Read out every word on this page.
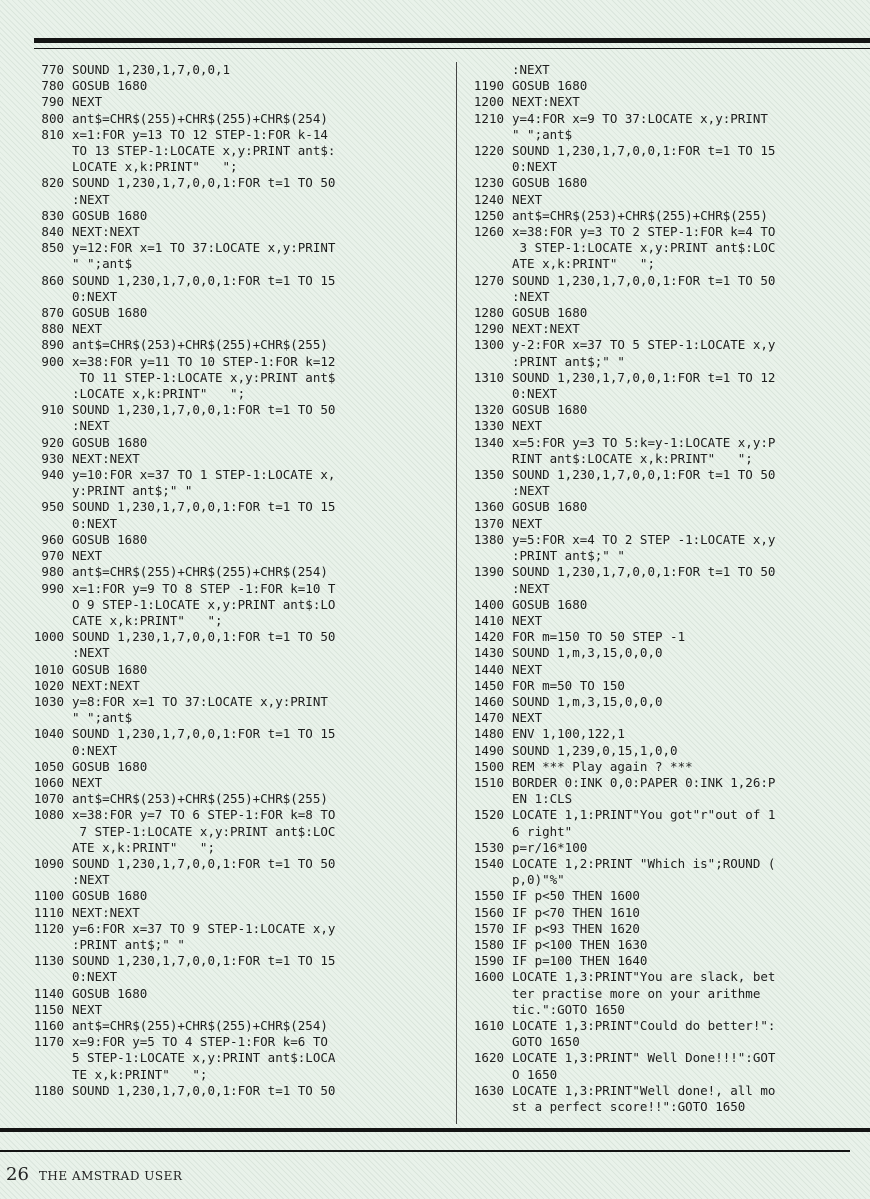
770 SOUND 1,230,1,7,0,0,1
780 GOSUB 1680
790 NEXT
800 ant$=CHR$(255)+CHR$(255)+CHR$(254)
810 x=1:FOR y=13 TO 12 STEP-1:FOR k-14
TO 13 STEP-1:LOCATE x,y:PRINT ant$:
LOCATE x,k:PRINT"   ";
820 SOUND 1,230,1,7,0,0,1:FOR t=1 TO 50
:NEXT
830 GOSUB 1680
840 NEXT:NEXT
850 y=12:FOR x=1 TO 37:LOCATE x,y:PRINT
" ";ant$
860 SOUND 1,230,1,7,0,0,1:FOR t=1 TO 15
0:NEXT
870 GOSUB 1680
880 NEXT
890 ant$=CHR$(253)+CHR$(255)+CHR$(255)
900 x=38:FOR y=11 TO 10 STEP-1:FOR k=12
TO 11 STEP-1:LOCATE x,y:PRINT ant$
:LOCATE x,k:PRINT"   ";
910 SOUND 1,230,1,7,0,0,1:FOR t=1 TO 50
:NEXT
920 GOSUB 1680
930 NEXT:NEXT
940 y=10:FOR x=37 TO 1 STEP-1:LOCATE x,
y:PRINT ant$;" "
950 SOUND 1,230,1,7,0,0,1:FOR t=1 TO 15
0:NEXT
960 GOSUB 1680
970 NEXT
980 ant$=CHR$(255)+CHR$(255)+CHR$(254)
990 x=1:FOR y=9 TO 8 STEP -1:FOR k=10 T
O 9 STEP-1:LOCATE x,y:PRINT ant$:LO
CATE x,k:PRINT"   ";
1000 SOUND 1,230,1,7,0,0,1:FOR t=1 TO 50
:NEXT
1010 GOSUB 1680
1020 NEXT:NEXT
1030 y=8:FOR x=1 TO 37:LOCATE x,y:PRINT
" ";ant$
1040 SOUND 1,230,1,7,0,0,1:FOR t=1 TO 15
0:NEXT
1050 GOSUB 1680
1060 NEXT
1070 ant$=CHR$(253)+CHR$(255)+CHR$(255)
1080 x=38:FOR y=7 TO 6 STEP-1:FOR k=8 TO
7 STEP-1:LOCATE x,y:PRINT ant$:LOC
ATE x,k:PRINT"   ";
1090 SOUND 1,230,1,7,0,0,1:FOR t=1 TO 50
:NEXT
1100 GOSUB 1680
1110 NEXT:NEXT
1120 y=6:FOR x=37 TO 9 STEP-1:LOCATE x,y
:PRINT ant$;" "
1130 SOUND 1,230,1,7,0,0,1:FOR t=1 TO 15
0:NEXT
1140 GOSUB 1680
1150 NEXT
1160 ant$=CHR$(255)+CHR$(255)+CHR$(254)
1170 x=9:FOR y=5 TO 4 STEP-1:FOR k=6 TO
5 STEP-1:LOCATE x,y:PRINT ant$:LOCA
TE x,k:PRINT"   ";
1180 SOUND 1,230,1,7,0,0,1:FOR t=1 TO 50
:NEXT
1190 GOSUB 1680
1200 NEXT:NEXT
1210 y=4:FOR x=9 TO 37:LOCATE x,y:PRINT
" ";ant$
1220 SOUND 1,230,1,7,0,0,1:FOR t=1 TO 15
0:NEXT
1230 GOSUB 1680
1240 NEXT
1250 ant$=CHR$(253)+CHR$(255)+CHR$(255)
1260 x=38:FOR y=3 TO 2 STEP-1:FOR k=4 TO
3 STEP-1:LOCATE x,y:PRINT ant$:LOC
ATE x,k:PRINT"   ";
1270 SOUND 1,230,1,7,0,0,1:FOR t=1 TO 50
:NEXT
1280 GOSUB 1680
1290 NEXT:NEXT
1300 y-2:FOR x=37 TO 5 STEP-1:LOCATE x,y
:PRINT ant$;" "
1310 SOUND 1,230,1,7,0,0,1:FOR t=1 TO 12
0:NEXT
1320 GOSUB 1680
1330 NEXT
1340 x=5:FOR y=3 TO 5:k=y-1:LOCATE x,y:P
RINT ant$:LOCATE x,k:PRINT"   ";
1350 SOUND 1,230,1,7,0,0,1:FOR t=1 TO 50
:NEXT
1360 GOSUB 1680
1370 NEXT
1380 y=5:FOR x=4 TO 2 STEP -1:LOCATE x,y
:PRINT ant$;" "
1390 SOUND 1,230,1,7,0,0,1:FOR t=1 TO 50
:NEXT
1400 GOSUB 1680
1410 NEXT
1420 FOR m=150 TO 50 STEP -1
1430 SOUND 1,m,3,15,0,0,0
1440 NEXT
1450 FOR m=50 TO 150
1460 SOUND 1,m,3,15,0,0,0
1470 NEXT
1480 ENV 1,100,122,1
1490 SOUND 1,239,0,15,1,0,0
1500 REM *** Play again ? ***
1510 BORDER 0:INK 0,0:PAPER 0:INK 1,26:P
EN 1:CLS
1520 LOCATE 1,1:PRINT"You got"r"out of 1
6 right"
1530 p=r/16*100
1540 LOCATE 1,2:PRINT "Which is";ROUND (
p,0)"%"
1550 IF p<50 THEN 1600
1560 IF p<70 THEN 1610
1570 IF p<93 THEN 1620
1580 IF p<100 THEN 1630
1590 IF p=100 THEN 1640
1600 LOCATE 1,3:PRINT"You are slack, bet
ter practise more on your arithme
tic.":GOTO 1650
1610 LOCATE 1,3:PRINT"Could do better!":
GOTO 1650
1620 LOCATE 1,3:PRINT" Well Done!!!":GOT
O 1650
1630 LOCATE 1,3:PRINT"Well done!, all mo
st a perfect score!!":GOTO 1650
26 THE AMSTRAD USER
